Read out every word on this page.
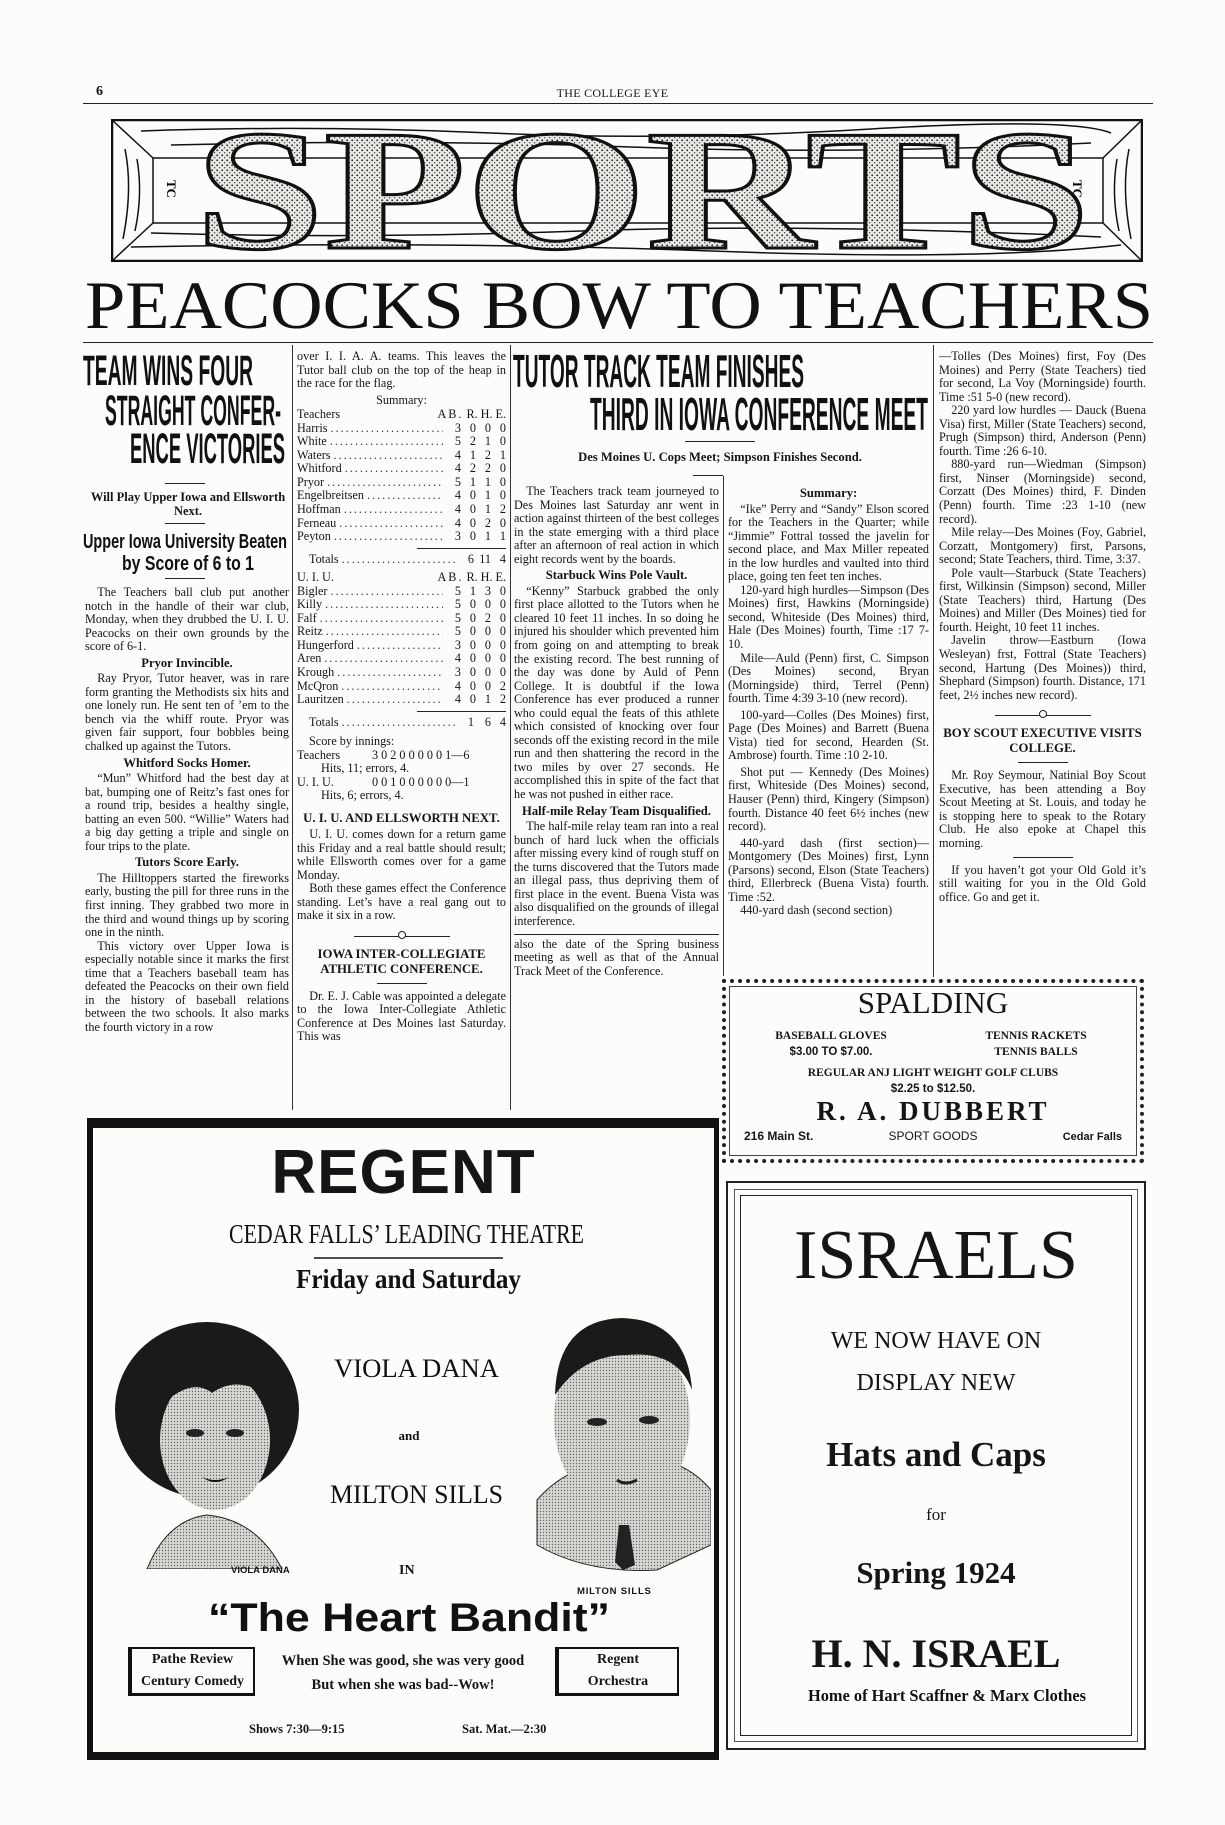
6	THE COLLEGE EYE
TC	TC
SPORTS
PEACOCKS BOW TO TEACHERS
TEAM WINS FOUR
STRAIGHT CONFER-
ENCE VICTORIES
Will Play Upper Iowa and Ellsworth Next.
Upper Iowa University Beaten
by Score of 6 to 1

The Teachers ball club put another notch in the handle of their war club, Monday, when they drubbed the U. I. U. Peacocks on their own grounds by the score of 6-1.

Pryor Invincible.

Ray Pryor, Tutor heaver, was in rare form granting the Methodists six hits and one lonely run. He sent ten of ’em to the bench via the whiff route. Pryor was given fair support, four bobbles being chalked up against the Tutors.

Whitford Socks Homer.

“Mun” Whitford had the best day at bat, bumping one of Reitz’s fast ones for a round trip, besides a healthy single, batting an even 500. “Willie” Waters had a big day getting a triple and single on four trips to the plate.

Tutors Score Early.

The Hilltoppers started the fireworks early, busting the pill for three runs in the first inning. They grabbed two more in the third and wound things up by scoring one in the ninth.

This victory over Upper Iowa is especially notable since it marks the first time that a Teachers baseball team has defeated the Peacocks on their own field in the history of baseball relations between the two schools. It also marks the fourth victory in a row

over I. I. A. A. teams. This leaves the Tutor ball club on the top of the heap in the race for the flag.

Summary:
Teachers	AB. R. H. E.
Harris .....	3 0 0 0
White .....	5 2 1 0
Waters .....	4 1 2 1
Whitford .....	4 2 2 0
Pryor .....	5 1 1 0
Engelbreitsen .....	4 0 1 0
Hoffman .....	4 0 1 2
Ferneau .....	4 0 2 0
Peyton .....	3 0 1 1
Totals .....	6 11 4
U. I. U.	AB. R. H. E.
Bigler .....	5 1 3 0
Killy .....	5 0 0 0
Falf .....	5 0 2 0
Reitz .....	5 0 0 0
Hungerford .....	3 0 0 0
Aren .....	4 0 0 0
Krough .....	3 0 0 0
McQron .....	4 0 0 2
Lauritzen .....	4 0 1 2
Totals .....	1 6 4
Score by innings:
Teachers	3 0 2 0 0 0 0 0 1—6
Hits, 11; errors, 4.
U. I. U.	0 0 1 0 0 0 0 0 0—1
Hits, 6; errors, 4.
U. I. U. AND ELLSWORTH NEXT.

U. I. U. comes down for a return game this Friday and a real battle should result; while Ellsworth comes over for a game Monday.

Both these games effect the Conference standing. Let’s have a real gang out to make it six in a row.

IOWA INTER-COLLEGIATE ATHLETIC CONFERENCE.

Dr. E. J. Cable was appointed a delegate to the Iowa Inter-Collegiate Athletic Conference at Des Moines last Saturday. This was

TUTOR TRACK TEAM FINISHES
THIRD IN IOWA CONFERENCE MEET
Des Moines U. Cops Meet; Simpson Finishes Second.

The Teachers track team journeyed to Des Moines last Saturday anr went in action against thirteen of the best colleges in the state emerging with a third place after an afternoon of real action in which eight records went by the boards.

Starbuck Wins Pole Vault.

“Kenny” Starbuck grabbed the only first place allotted to the Tutors when he cleared 10 feet 11 inches. In so doing he injured his shoulder which prevented him from going on and attempting to break the existing record. The best running of the day was done by Auld of Penn College. It is doubtful if the Iowa Conference has ever produced a runner who could equal the feats of this athlete which consisted of knocking over four seconds off the existing record in the mile run and then shattering the record in the two miles by over 27 seconds. He accomplished this in spite of the fact that he was not pushed in either race.

Half-mile Relay Team Disqualified.

The half-mile relay team ran into a real bunch of hard luck when the officials after missing every kind of rough stuff on the turns discovered that the Tutors made an illegal pass, thus depriving them of first place in the event. Buena Vista was also disqualified on the grounds of illegal interference.

also the date of the Spring business meeting as well as that of the Annual Track Meet of the Conference.

Summary:

“Ike” Perry and “Sandy” Elson scored for the Teachers in the Quarter; while “Jimmie” Fottral tossed the javelin for second place, and Max Miller repeated in the low hurdles and vaulted into third place, going ten feet ten inches.

120-yard high hurdles—Simpson (Des Moines) first, Hawkins (Morningside) second, Whiteside (Des Moines) third, Hale (Des Moines) fourth, Time :17 7-10.

Mile—Auld (Penn) first, C. Simpson (Des Moines) second, Bryan (Morningside) third, Terrel (Penn) fourth. Time 4:39 3-10 (new record).

100-yard—Colles (Des Moines) first, Page (Des Moines) and Barrett (Buena Vista) tied for second, Hearden (St. Ambrose) fourth. Time :10 2-10.

Shot put — Kennedy (Des Moines) first, Whiteside (Des Moines) second, Hauser (Penn) third, Kingery (Simpson) fourth. Distance 40 feet 6½ inches (new record).

440-yard dash (first section)—Montgomery (Des Moines) first, Lynn (Parsons) second, Elson (State Teachers) third, Ellerbreck (Buena Vista) fourth. Time :52.

440-yard dash (second section)

—Tolles (Des Moines) first, Foy (Des Moines) and Perry (State Teachers) tied for second, La Voy (Morningside) fourth. Time :51 5-0 (new record).

220 yard low hurdles — Dauck (Buena Visa) first, Miller (State Teachers) second, Prugh (Simpson) third, Anderson (Penn) fourth. Time :26 6-10.

880-yard run—Wiedman (Simpson) first, Ninser (Morningside) second, Corzatt (Des Moines) third, F. Dinden (Penn) fourth. Time :23 1-10 (new record).

Mile relay—Des Moines (Foy, Gabriel, Corzatt, Montgomery) first, Parsons, second; State Teachers, third. Time, 3:37.

Pole vault—Starbuck (State Teachers) first, Wilkinsin (Simpson) second, Miller (State Teachers) third, Hartung (Des Moines) and Miller (Des Moines) tied for fourth. Height, 10 feet 11 inches.

Javelin throw—Eastburn (Iowa Wesleyan) frst, Fottral (State Teachers) second, Hartung (Des Moines)) third, Shephard (Simpson) fourth. Distance, 171 feet, 2½ inches new record).

BOY SCOUT EXECUTIVE VISITS COLLEGE.

Mr. Roy Seymour, Natinial Boy Scout Executive, has been attending a Boy Scout Meeting at St. Louis, and today he is stopping here to speak to the Rotary Club. He also epoke at Chapel this morning.

If you haven’t got your Old Gold it’s still waiting for you in the Old Gold office. Go and get it.

SPALDING
BASEBALL GLOVES
$3.00 TO $7.00.
TENNIS RACKETS
TENNIS BALLS
REGULAR ANJ LIGHT WEIGHT GOLF CLUBS
$2.25 to $12.50.
R. A. DUBBERT
216 Main St.	SPORT GOODS	Cedar Falls
REGENT
CEDAR FALLS’ LEADING THEATRE
Friday and Saturday
VIOLA DANA
and
MILTON SILLS
IN
VIOLA DANA
MILTON SILLS
“The Heart Bandit”
Pathe Review
Century Comedy
When She was good, she was very good
But when she was bad--Wow!
Regent
Orchestra
Shows 7:30—9:15	Sat. Mat.—2:30
ISRAELS
WE NOW HAVE ON
DISPLAY NEW
Hats and Caps
for
Spring 1924
H. N. ISRAEL
Home of Hart Scaffner & Marx Clothes
